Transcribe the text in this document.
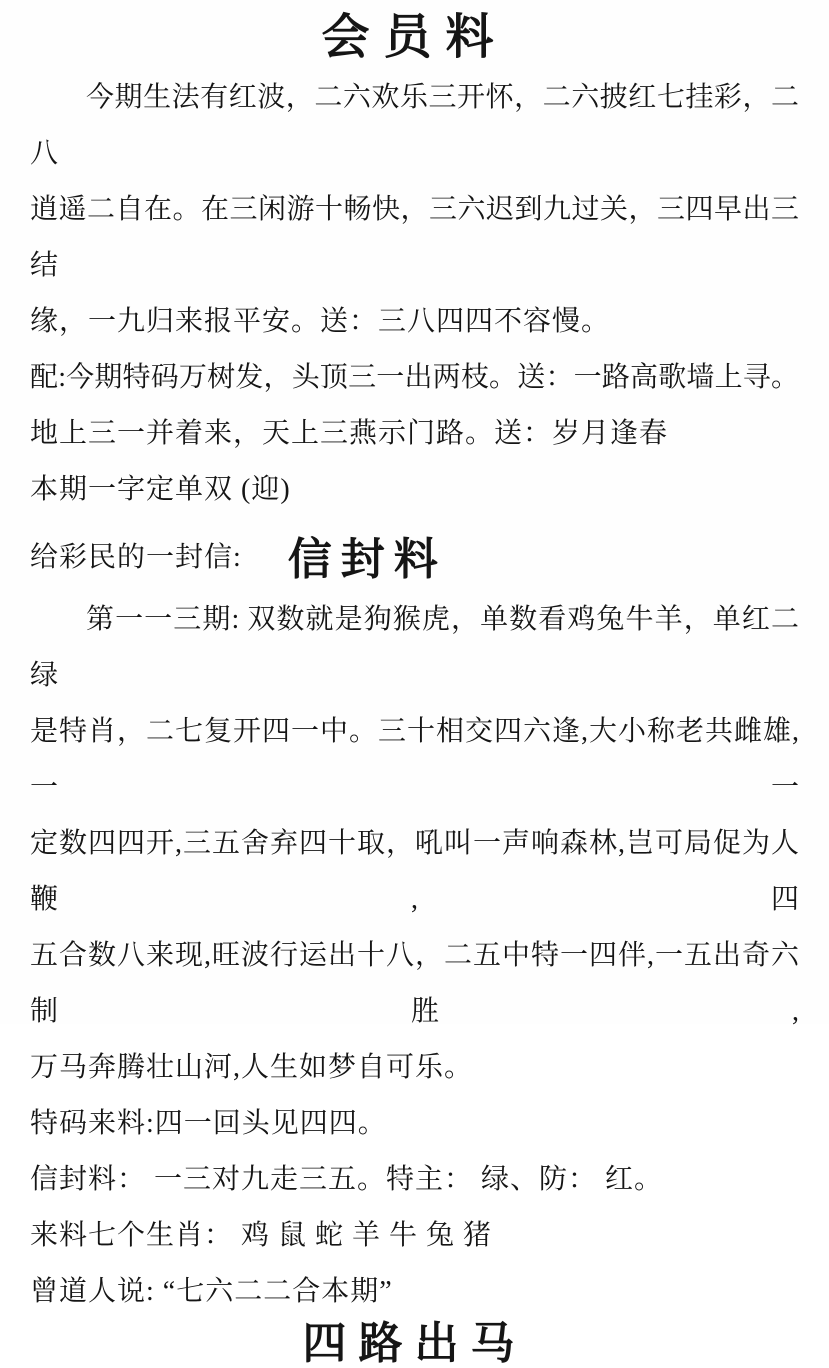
会员料
今期生法有红波，二六欢乐三开怀，二六披红七挂彩，二八
逍遥二自在。在三闲游十畅快，三六迟到九过关，三四早出三结
缘，一九归来报平安。送：三八四四不容慢。
配:今期特码万树发，头顶三一出两枝。送：一路高歌墙上寻。
地上三一并着来，天上三燕示门路。送：岁月逢春
本期一字定单双 (迎)
给彩民的一封信: 信封料
第一一三期: 双数就是狗猴虎，单数看鸡兔牛羊，单红二绿
是特肖，二七复开四一中。三十相交四六逢,大小称老共雌雄,一一
定数四四开,三五舍弃四十取，吼叫一声响森林,岂可局促为人鞭,四
五合数八来现,旺波行运出十八，二五中特一四伴,一五出奇六制胜,
万马奔腾壮山河,人生如梦自可乐。
特码来料:四一回头见四四。
信封料： 一三对九走三五。特主： 绿、防： 红。
来料七个生肖： 鸡 鼠 蛇 羊 牛 兔 猪
曾道人说: “七六二二合本期”
四路出马
